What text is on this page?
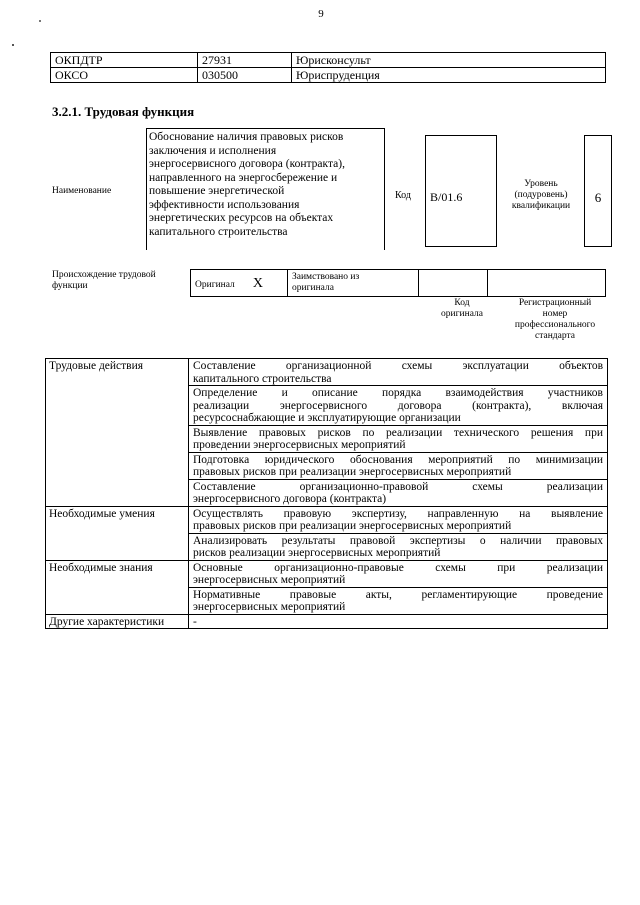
9
ОКПДТР	27931	Юрисконсульт
ОКСО	030500	Юриспруденция
3.2.1. Трудовая функция
Наименование
Обоснование наличия правовых рисков
заключения и исполнения
энергосервисного договора (контракта),
направленного на энергосбережение и
повышение энергетической
эффективности использования
энергетических ресурсов на объектах
капитального строительства
Код	B/01.6
Уровень
(подуровень)
квалификации
6
Происхождение трудовой
функции	Оригинал X	Заимствовано из
оригинала

Код
оригинала
Регистрационный
номер
профессионального
стандарта
Трудовые действия	Составление организационной схемы эксплуатации объектов
капитального строительства

	Определение и описание порядка взаимодействия участников
реализации энергосервисного договора (контракта), включая
ресурсоснабжающие и эксплуатирующие организации

	Выявление правовых рисков по реализации технического решения при
проведении энергосервисных мероприятий

	Подготовка юридического обоснования мероприятий по минимизации
правовых рисков при реализации энергосервисных мероприятий

	Составление организационно-правовой схемы реализации
энергосервисного договора (контракта)

Необходимые умения	Осуществлять правовую экспертизу, направленную на выявление
правовых рисков при реализации энергосервисных мероприятий

	Анализировать результаты правовой экспертизы о наличии правовых
рисков реализации энергосервисных мероприятий

Необходимые знания	Основные организационно-правовые схемы при реализации
энергосервисных мероприятий

	Нормативные правовые акты, регламентирующие проведение
энергосервисных мероприятий

Другие характеристики	-
